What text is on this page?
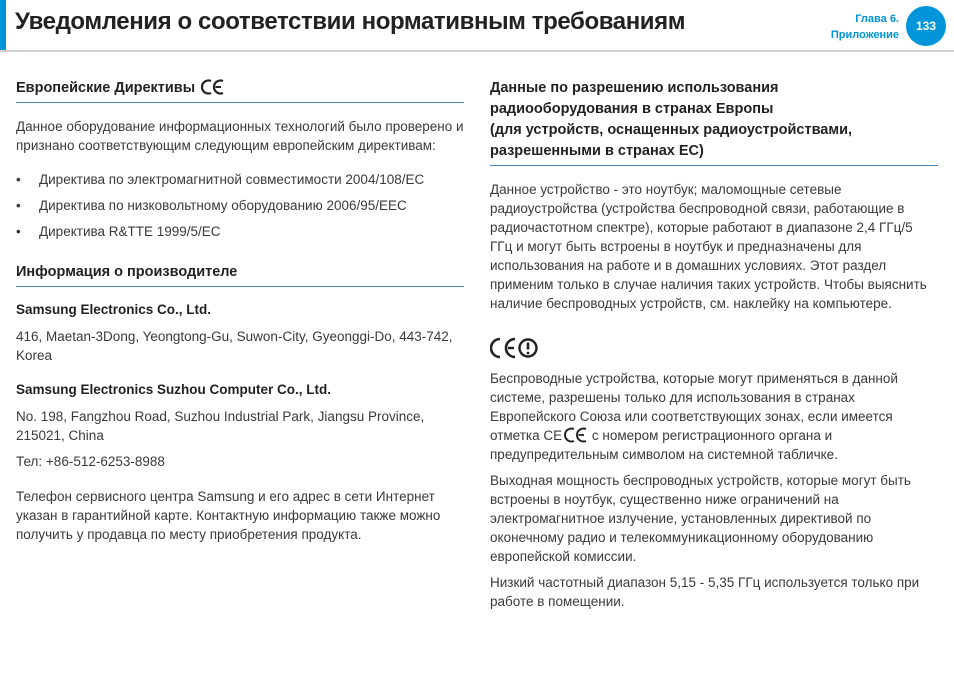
Уведомления о соответствии нормативным требованиям	Глава 6.
Приложение
133
Европейские Директивы

Данное оборудование информационных технологий было проверено и признано соответствующим следующим европейским директивам:

• Директива по электромагнитной совместимости 2004/108/EC
• Директива по низковольтному оборудованию 2006/95/EEC
• Директива R&TTE 1999/5/EC
Информация о производителе

Samsung Electronics Co., Ltd.

416, Maetan-3Dong, Yeongtong-Gu, Suwon-City, Gyeonggi-Do, 443-742, Korea

Samsung Electronics Suzhou Computer Co., Ltd.

No. 198, Fangzhou Road, Suzhou Industrial Park, Jiangsu Province, 215021, China

Тел: +86-512-6253-8988

Телефон сервисного центра Samsung и его адрес в сети Интернет указан в гарантийной карте. Контактную информацию также можно получить у продавца по месту приобретения продукта.

Данные по разрешению использования
радиооборудования в странах Европы
(для устройств, оснащенных радиоустройствами,
разрешенными в странах ЕС)

Данное устройство - это ноутбук; маломощные сетевые радиоустройства (устройства беспроводной связи, работающие в радиочастотном спектре), которые работают в диапазоне 2,4 ГГц/5 ГГц и могут быть встроены в ноутбук и предназначены для использования на работе и в домашних условиях. Этот раздел применим только в случае наличия таких устройств. Чтобы выяснить наличие беспроводных устройств, см. наклейку на компьютере.

Беспроводные устройства, которые могут применяться в данной системе, разрешены только для использования в странах Европейского Союза или соответствующих зонах, если имеется отметка CE с номером регистрационного органа и предупредительным символом на системной табличке.

Выходная мощность беспроводных устройств, которые могут быть встроены в ноутбук, существенно ниже ограничений на электромагнитное излучение, установленных директивой по оконечному радио и телекоммуникационному оборудованию европейской комиссии.

Низкий частотный диапазон 5,15 - 5,35 ГГц используется только при работе в помещении.
